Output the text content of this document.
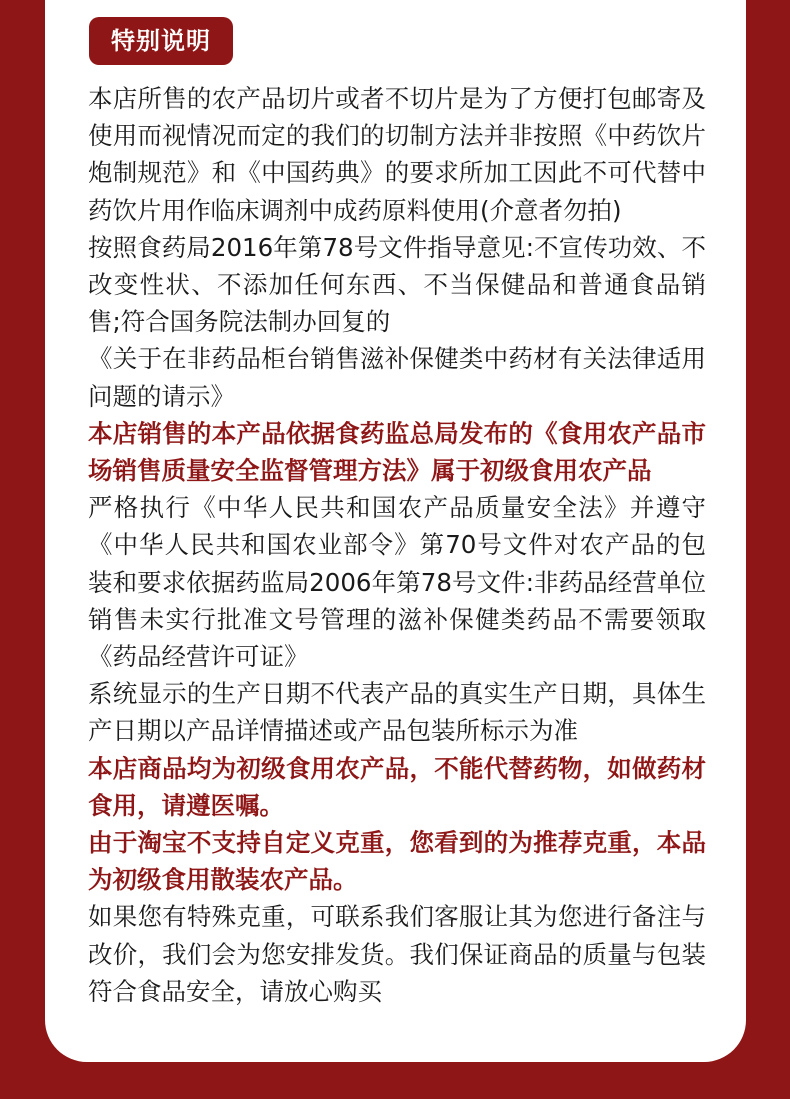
特别说明

本店所售的农产品切片或者不切片是为了方便打包邮寄及使用而视情况而定的我们的切制方法并非按照《中药饮片炮制规范》和《中国药典》的要求所加工因此不可代替中药饮片用作临床调剂中成药原料使用(介意者勿拍)

按照食药局2016年第78号文件指导意见:不宣传功效、不改变性状、不添加任何东西、不当保健品和普通食品销售;符合国务院法制办回复的

《关于在非药品柜台销售滋补保健类中药材有关法律适用问题的请示》

本店销售的本产品依据食药监总局发布的《食用农产品市场销售质量安全监督管理方法》属于初级食用农产品

严格执行《中华人民共和国农产品质量安全法》并遵守《中华人民共和国农业部令》第70号文件对农产品的包装和要求依据药监局2006年第78号文件:非药品经营单位销售未实行批准文号管理的滋补保健类药品不需要领取《药品经营许可证》

系统显示的生产日期不代表产品的真实生产日期，具体生产日期以产品详情描述或产品包装所标示为准

本店商品均为初级食用农产品，不能代替药物，如做药材食用，请遵医嘱。

由于淘宝不支持自定义克重，您看到的为推荐克重，本品为初级食用散装农产品。

如果您有特殊克重，可联系我们客服让其为您进行备注与改价，我们会为您安排发货。我们保证商品的质量与包装符合食品安全，请放心购买
